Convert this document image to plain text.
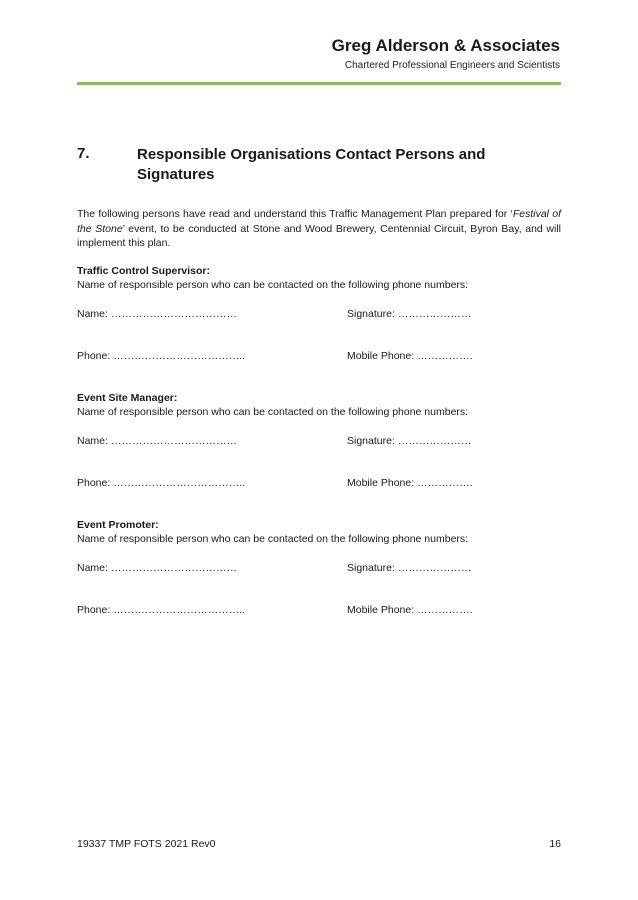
Greg Alderson & Associates
Chartered Professional Engineers and Scientists
7.	Responsible Organisations Contact Persons and Signatures
The following persons have read and understand this Traffic Management Plan prepared for ‘Festival of the Stone’ event, to be conducted at Stone and Wood Brewery, Centennial Circuit, Byron Bay, and will implement this plan.
Traffic Control Supervisor:
Name of responsible person who can be contacted on the following phone numbers:
Name: ………………………………	Signature: …………………
Phone: ………………………………..	Mobile Phone: …………….
Event Site Manager:
Name of responsible person who can be contacted on the following phone numbers:
Name: ………………………………	Signature: …………………
Phone: ………………………………..	Mobile Phone: …………….
Event Promoter:
Name of responsible person who can be contacted on the following phone numbers:
Name: ………………………………	Signature: …………………
Phone: ………………………………..	Mobile Phone: …………….
19337 TMP FOTS 2021 Rev0	16
